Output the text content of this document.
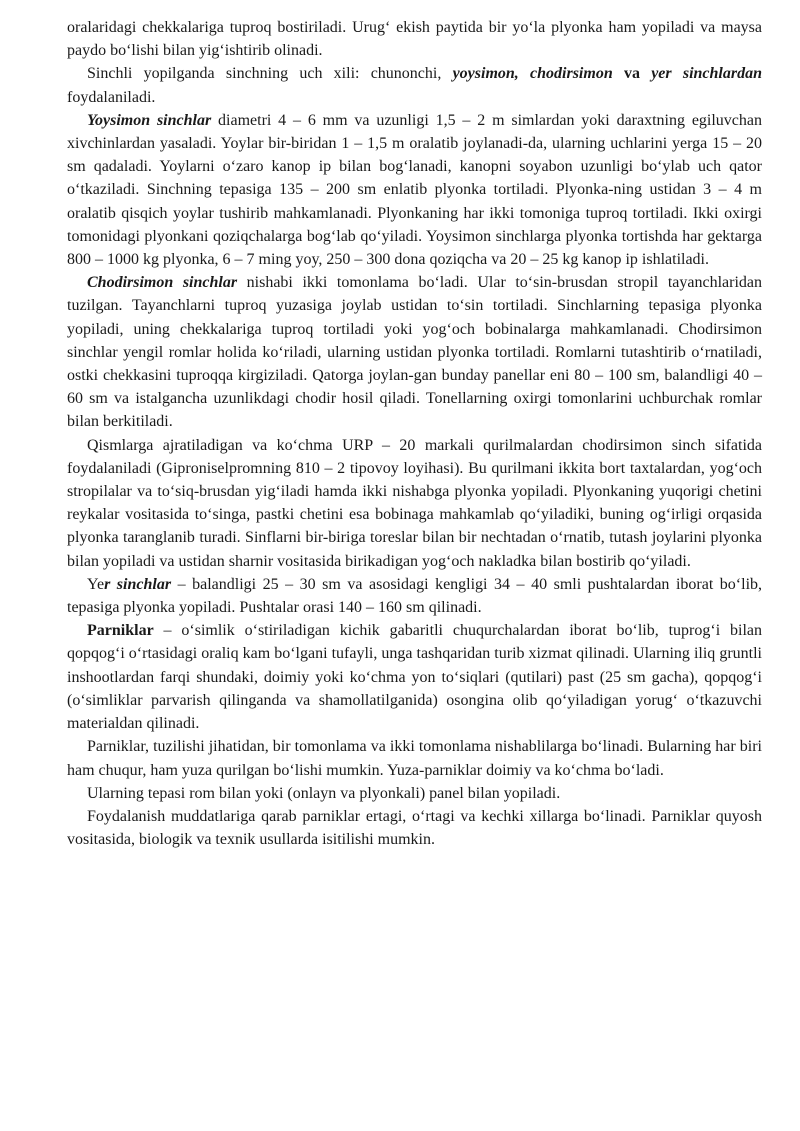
oralaridagi chekkalariga tuproq bostiriladi. Urug‘ ekish paytida bir yo‘la plyonka ham yopiladi va maysa paydo bo‘lishi bilan yig‘ishtirib olinadi.

Sinchli yopilganda sinchning uch xili: chunonchi, yoysimon, chodirsimon va yer sinchlardan foydalaniladi.

Yoysimon sinchlar diametri 4 – 6 mm va uzunligi 1,5 – 2 m simlardan yoki daraxtning egiluvchan xivchinlardan yasaladi. Yoylar bir-biridan 1 – 1,5 m oralatib joylanadi-da, ularning uchlarini yerga 15 – 20 sm qadaladi. Yoylarni o‘zaro kanop ip bilan bog‘lanadi, kanopni soyabon uzunligi bo‘ylab uch qator o‘tkaziladi. Sinchning tepasiga 135 – 200 sm enlatib plyonka tortiladi. Plyonka-ning ustidan 3 – 4 m oralatib qisqich yoylar tushirib mahkamlanadi. Plyonkaning har ikki tomoniga tuproq tortiladi. Ikki oxirgi tomonidagi plyonkani qoziqchalarga bog‘lab qo‘yiladi. Yoysimon sinchlarga plyonka tortishda har gektarga 800 – 1000 kg plyonka, 6 – 7 ming yoy, 250 – 300 dona qoziqcha va 20 – 25 kg kanop ip ishlatiladi.

Chodirsimon sinchlar nishabi ikki tomonlama bo‘ladi. Ular to‘sin-brusdan stropil tayanchlaridan tuzilgan. Tayanchlarni tuproq yuzasiga joylab ustidan to‘sin tortiladi. Sinchlarning tepasiga plyonka yopiladi, uning chekkalariga tuproq tortiladi yoki yog‘och bobinalarga mahkamlanadi. Chodirsimon sinchlar yengil romlar holida ko‘riladi, ularning ustidan plyonka tortiladi. Romlarni tutashtirib o‘rnatiladi, ostki chekkasini tuproqqa kirgiziladi. Qatorga joylan-gan bunday panellar eni 80 – 100 sm, balandligi 40 – 60 sm va istalgancha uzunlikdagi chodir hosil qiladi. Tonellarning oxirgi tomonlarini uchburchak romlar bilan berkitiladi.

Qismlarga ajratiladigan va ko‘chma URP – 20 markali qurilmalardan chodirsimon sinch sifatida foydalaniladi (Giproniselpromning 810 – 2 tipovoy loyihasi). Bu qurilmani ikkita bort taxtalardan, yog‘och stropilalar va to‘siq-brusdan yig‘iladi hamda ikki nishabga plyonka yopiladi. Plyonkaning yuqorigi chetini reykalar vositasida to‘singa, pastki chetini esa bobinaga mahkamlab qo‘yiladiki, buning og‘irligi orqasida plyonka taranglanib turadi. Sinflarni bir-biriga toreslar bilan bir nechtadan o‘rnatib, tutash joylarini plyonka bilan yopiladi va ustidan sharnir vositasida birikadigan yog‘och nakladka bilan bostirib qo‘yiladi.

Yer sinchlar – balandligi 25 – 30 sm va asosidagi kengligi 34 – 40 smli pushtalardan iborat bo‘lib, tepasiga plyonka yopiladi. Pushtalar orasi 140 – 160 sm qilinadi.

Parniklar – o‘simlik o‘stiriladigan kichik gabaritli chuqurchalardan iborat bo‘lib, tuprog‘i bilan qopqog‘i o‘rtasidagi oraliq kam bo‘lgani tufayli, unga tashqaridan turib xizmat qilinadi. Ularning iliq gruntli inshootlardan farqi shundaki, doimiy yoki ko‘chma yon to‘siqlari (qutilari) past (25 sm gacha), qopqog‘i (o‘simliklar parvarish qilinganda va shamollatilganida) osongina olib qo‘yiladigan yorug‘ o‘tkazuvchi materialdan qilinadi.

Parniklar, tuzilishi jihatidan, bir tomonlama va ikki tomonlama nishablilarga bo‘linadi. Bularning har biri ham chuqur, ham yuza qurilgan bo‘lishi mumkin. Yuza-parniklar doimiy va ko‘chma bo‘ladi.

Ularning tepasi rom bilan yoki (onlayn va plyonkali) panel bilan yopiladi.

Foydalanish muddatlariga qarab parniklar ertagi, o‘rtagi va kechki xillarga bo‘linadi. Parniklar quyosh vositasida, biologik va texnik usullarda isitilishi mumkin.
